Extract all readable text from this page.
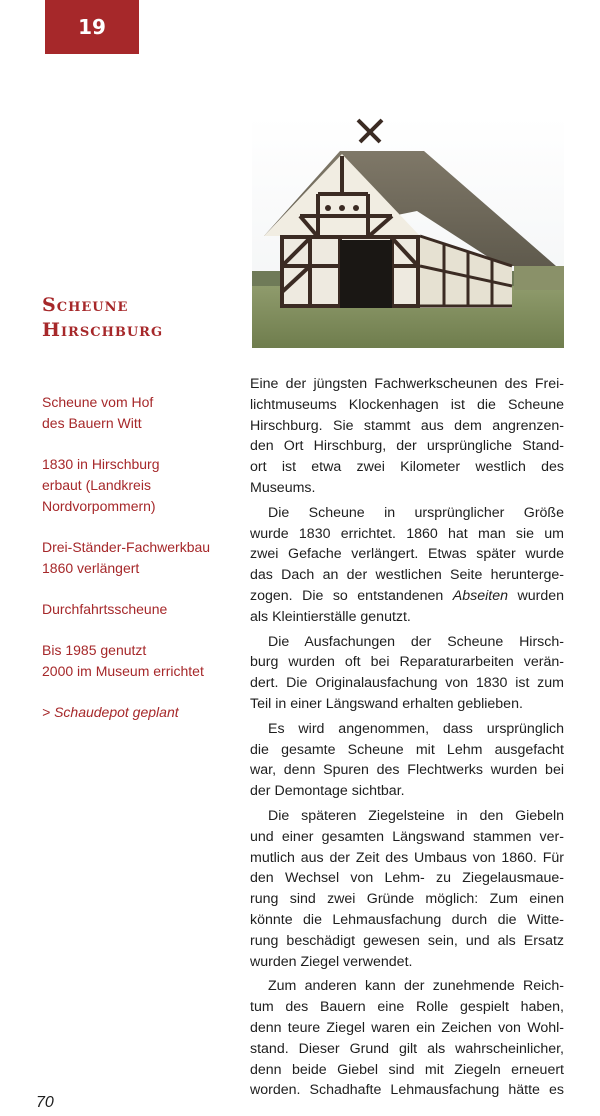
19
Scheune
Hirschburg

Scheune vom Hof

des Bauern Witt

1830 in Hirschburg

erbaut (Landkreis

Nordvorpommern)

Drei-Ständer-Fachwerkbau

1860 verlängert

Durchfahrtsscheune

Bis 1985 genutzt

2000 im Museum errichtet

> Schaudepot geplant

Eine der jüngsten Fachwerkscheunen des Frei-
lichtmuseums Klockenhagen ist die Scheune
Hirschburg. Sie stammt aus dem angrenzen-
den Ort Hirschburg, der ursprüngliche Stand-
ort ist etwa zwei Kilometer westlich des
Museums.
Die Scheune in ursprünglicher Größe
wurde 1830 errichtet. 1860 hat man sie um
zwei Gefache verlängert. Etwas später wurde
das Dach an der westlichen Seite herunterge-
zogen. Die so entstandenen Abseiten wurden
als Kleintierställe genutzt.
Die Ausfachungen der Scheune Hirsch-
burg wurden oft bei Reparaturarbeiten verän-
dert. Die Originalausfachung von 1830 ist zum
Teil in einer Längswand erhalten geblieben.
Es wird angenommen, dass ursprünglich
die gesamte Scheune mit Lehm ausgefacht
war, denn Spuren des Flechtwerks wurden bei
der Demontage sichtbar.
Die späteren Ziegelsteine in den Giebeln
und einer gesamten Längswand stammen ver-
mutlich aus der Zeit des Umbaus von 1860. Für
den Wechsel von Lehm- zu Ziegelausmaue-
rung sind zwei Gründe möglich: Zum einen
könnte die Lehmausfachung durch die Witte-
rung beschädigt gewesen sein, und als Ersatz
wurden Ziegel verwendet.
Zum anderen kann der zunehmende Reich-
tum des Bauern eine Rolle gespielt haben,
denn teure Ziegel waren ein Zeichen von Wohl-
stand. Dieser Grund gilt als wahrscheinlicher,
denn beide Giebel sind mit Ziegeln erneuert
worden. Schadhafte Lehmausfachung hätte es
70
